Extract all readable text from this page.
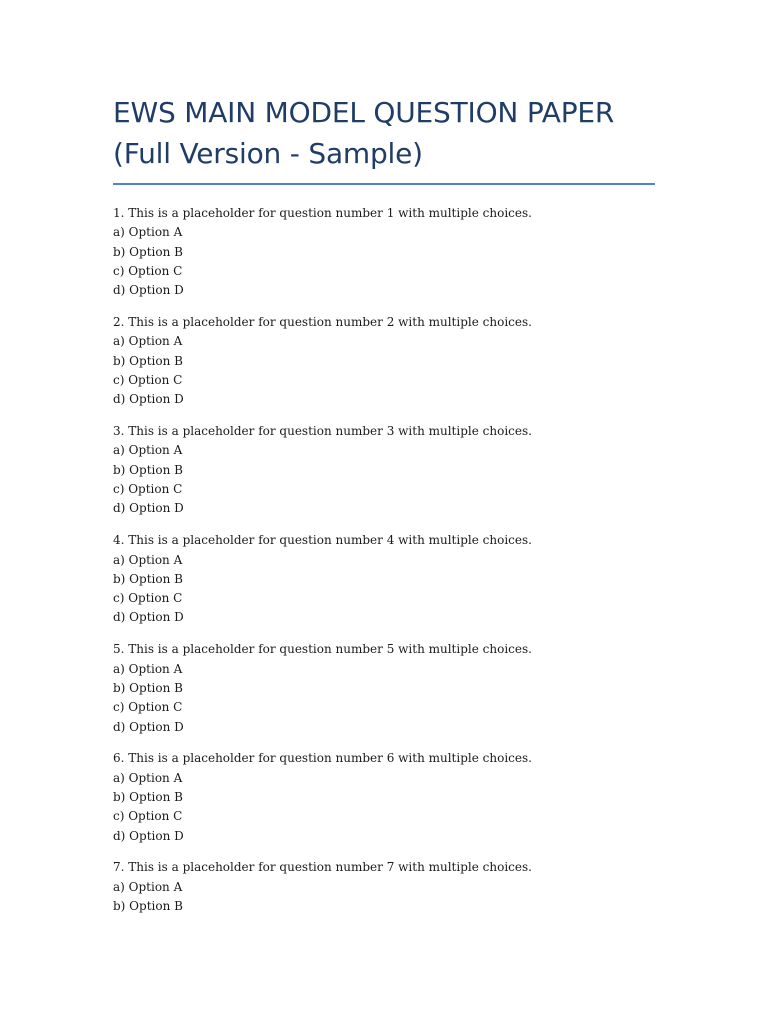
EWS MAIN MODEL QUESTION PAPER
(Full Version - Sample)
1. This is a placeholder for question number 1 with multiple choices.
a) Option A
b) Option B
c) Option C
d) Option D
2. This is a placeholder for question number 2 with multiple choices.
a) Option A
b) Option B
c) Option C
d) Option D
3. This is a placeholder for question number 3 with multiple choices.
a) Option A
b) Option B
c) Option C
d) Option D
4. This is a placeholder for question number 4 with multiple choices.
a) Option A
b) Option B
c) Option C
d) Option D
5. This is a placeholder for question number 5 with multiple choices.
a) Option A
b) Option B
c) Option C
d) Option D
6. This is a placeholder for question number 6 with multiple choices.
a) Option A
b) Option B
c) Option C
d) Option D
7. This is a placeholder for question number 7 with multiple choices.
a) Option A
b) Option B
